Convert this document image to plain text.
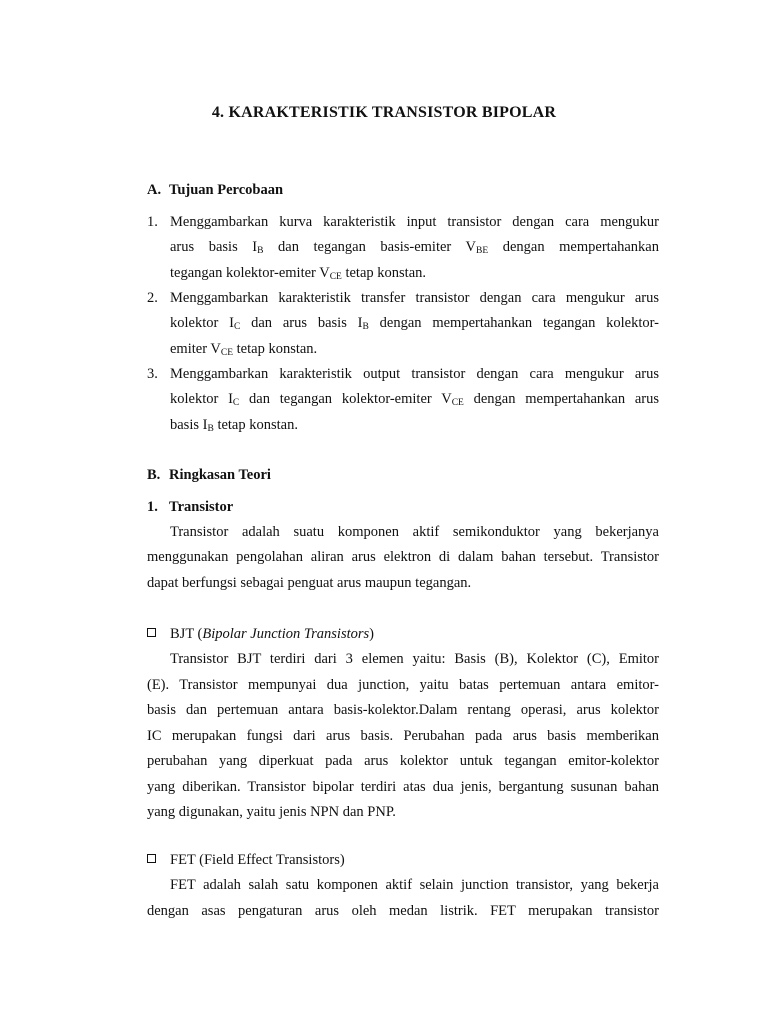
4. KARAKTERISTIK TRANSISTOR BIPOLAR
A. Tujuan Percobaan
1. Menggambarkan kurva karakteristik input transistor dengan cara mengukur
arus basis $I_B$ dan tegangan basis-emiter $V_{BE}$ dengan mempertahankan
tegangan kolektor-emiter $V_{CE}$ tetap konstan.
2. Menggambarkan karakteristik transfer transistor dengan cara mengukur arus
kolektor $I_C$ dan arus basis $I_B$ dengan mempertahankan tegangan kolektor-
emiter $V_{CE}$ tetap konstan.
3. Menggambarkan karakteristik output transistor dengan cara mengukur arus
kolektor $I_C$ dan tegangan kolektor-emiter $V_{CE}$ dengan mempertahankan arus
basis $I_B$ tetap konstan.
B. Ringkasan Teori
1. Transistor
Transistor adalah suatu komponen aktif semikonduktor yang bekerjanya
menggunakan pengolahan aliran arus elektron di dalam bahan tersebut. Transistor
dapat berfungsi sebagai penguat arus maupun tegangan.
BJT (Bipolar Junction Transistors)
Transistor BJT terdiri dari 3 elemen yaitu: Basis (B), Kolektor (C), Emitor
(E). Transistor mempunyai dua junction, yaitu batas pertemuan antara emitor-
basis dan pertemuan antara basis-kolektor.Dalam rentang operasi, arus kolektor
IC merupakan fungsi dari arus basis. Perubahan pada arus basis memberikan
perubahan yang diperkuat pada arus kolektor untuk tegangan emitor-kolektor
yang diberikan. Transistor bipolar terdiri atas dua jenis, bergantung susunan bahan
yang digunakan, yaitu jenis NPN dan PNP.
FET (Field Effect Transistors)
FET adalah salah satu komponen aktif selain junction transistor, yang bekerja
dengan asas pengaturan arus oleh medan listrik. FET merupakan transistor
